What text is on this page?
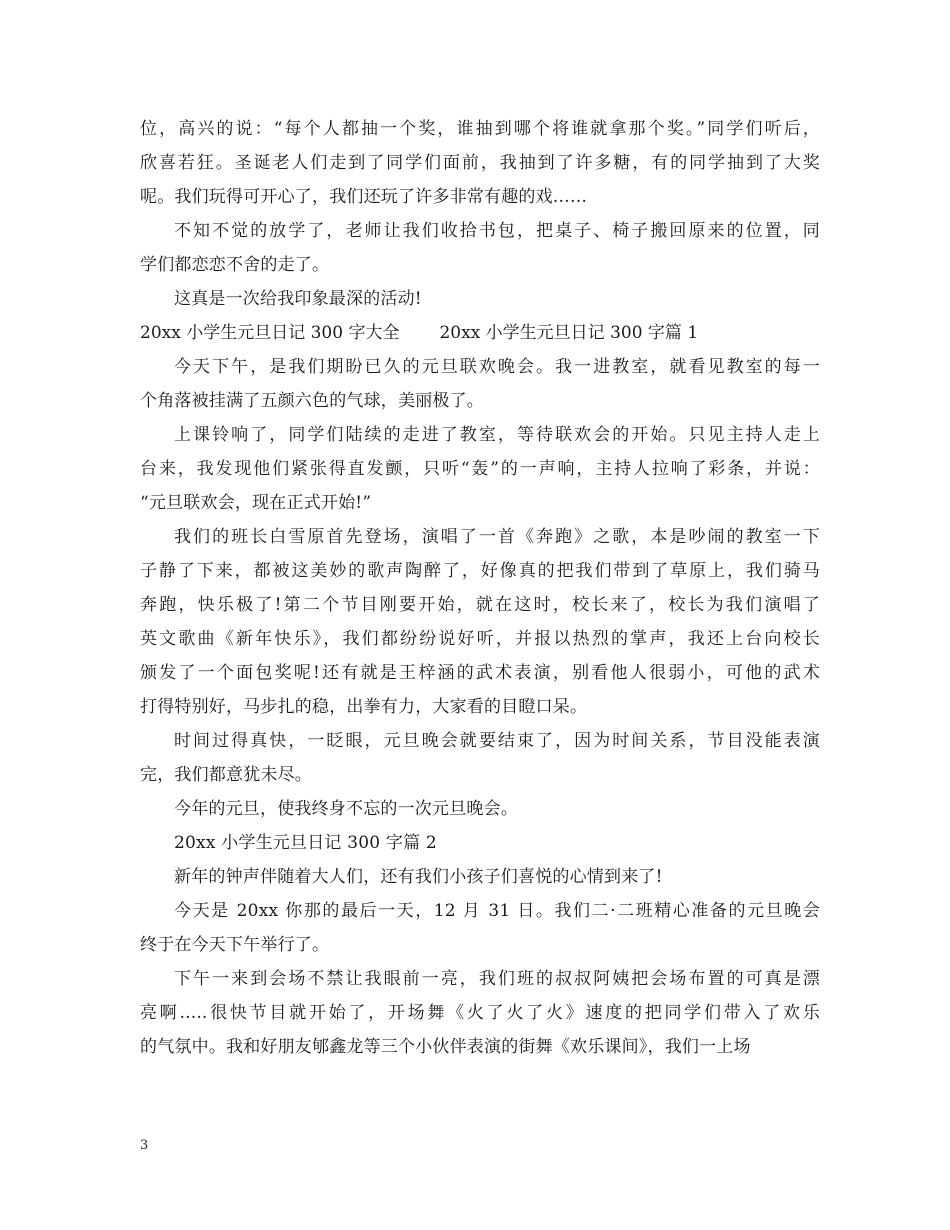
位，高兴的说：“每个人都抽一个奖，谁抽到哪个将谁就拿那个奖。”同学们听后，
欣喜若狂。圣诞老人们走到了同学们面前，我抽到了许多糖，有的同学抽到了大奖
呢。我们玩得可开心了，我们还玩了许多非常有趣的戏……
不知不觉的放学了，老师让我们收拾书包，把桌子、椅子搬回原来的位置，同
学们都恋恋不舍的走了。
这真是一次给我印象最深的活动!
20xx 小学生元旦日记 300 字大全 20xx 小学生元旦日记 300 字篇 1
今天下午，是我们期盼已久的元旦联欢晚会。我一进教室，就看见教室的每一
个角落被挂满了五颜六色的气球，美丽极了。
上课铃响了，同学们陆续的走进了教室，等待联欢会的开始。只见主持人走上
台来，我发现他们紧张得直发颤，只听“轰”的一声响，主持人拉响了彩条，并说：
“元旦联欢会，现在正式开始!”
我们的班长白雪原首先登场，演唱了一首《奔跑》之歌，本是吵闹的教室一下
子静了下来，都被这美妙的歌声陶醉了，好像真的把我们带到了草原上，我们骑马
奔跑，快乐极了!第二个节目刚要开始，就在这时，校长来了，校长为我们演唱了
英文歌曲《新年快乐》，我们都纷纷说好听，并报以热烈的掌声，我还上台向校长
颁发了一个面包奖呢!还有就是王梓涵的武术表演，别看他人很弱小，可他的武术
打得特别好，马步扎的稳，出拳有力，大家看的目瞪口呆。
时间过得真快，一眨眼，元旦晚会就要结束了，因为时间关系，节目没能表演
完，我们都意犹未尽。
今年的元旦，使我终身不忘的一次元旦晚会。
20xx 小学生元旦日记 300 字篇 2
新年的钟声伴随着大人们，还有我们小孩子们喜悦的心情到来了!
今天是 20xx 你那的最后一天，12 月 31 日。我们二·二班精心准备的元旦晚会
终于在今天下午举行了。
下午一来到会场不禁让我眼前一亮，我们班的叔叔阿姨把会场布置的可真是漂
亮啊.....很快节目就开始了，开场舞《火了火了火》速度的把同学们带入了欢乐
的气氛中。我和好朋友郇鑫龙等三个小伙伴表演的街舞《欢乐课间》，我们一上场
3
